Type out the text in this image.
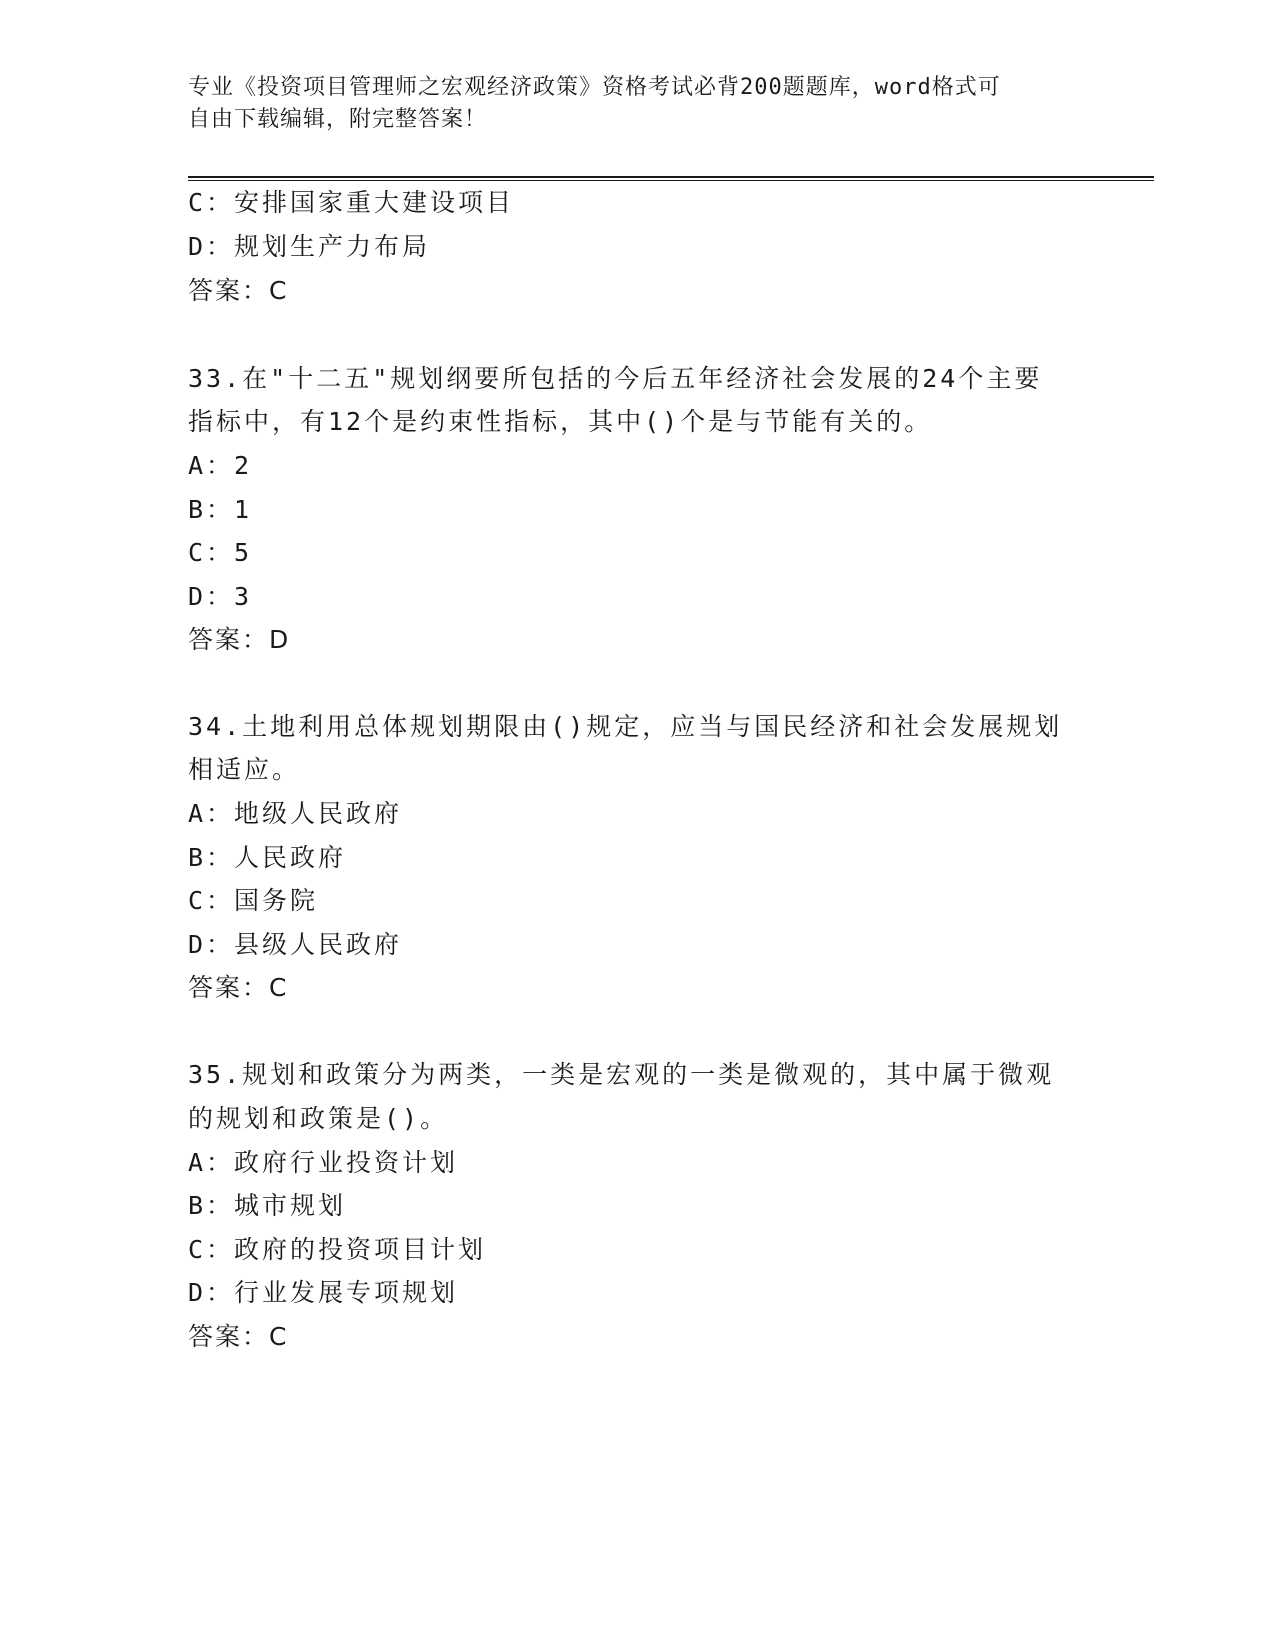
专业《投资项目管理师之宏观经济政策》资格考试必背200题题库，word格式可
自由下载编辑，附完整答案！
C：安排国家重大建设项目
D：规划生产力布局
答案：C
33.在"十二五"规划纲要所包括的今后五年经济社会发展的24个主要
指标中，有12个是约束性指标，其中()个是与节能有关的。
A：2
B：1
C：5
D：3
答案：D
34.土地利用总体规划期限由()规定，应当与国民经济和社会发展规划
相适应。
A：地级人民政府
B：人民政府
C：国务院
D：县级人民政府
答案：C
35.规划和政策分为两类，一类是宏观的一类是微观的，其中属于微观
的规划和政策是()。
A：政府行业投资计划
B：城市规划
C：政府的投资项目计划
D：行业发展专项规划
答案：C
